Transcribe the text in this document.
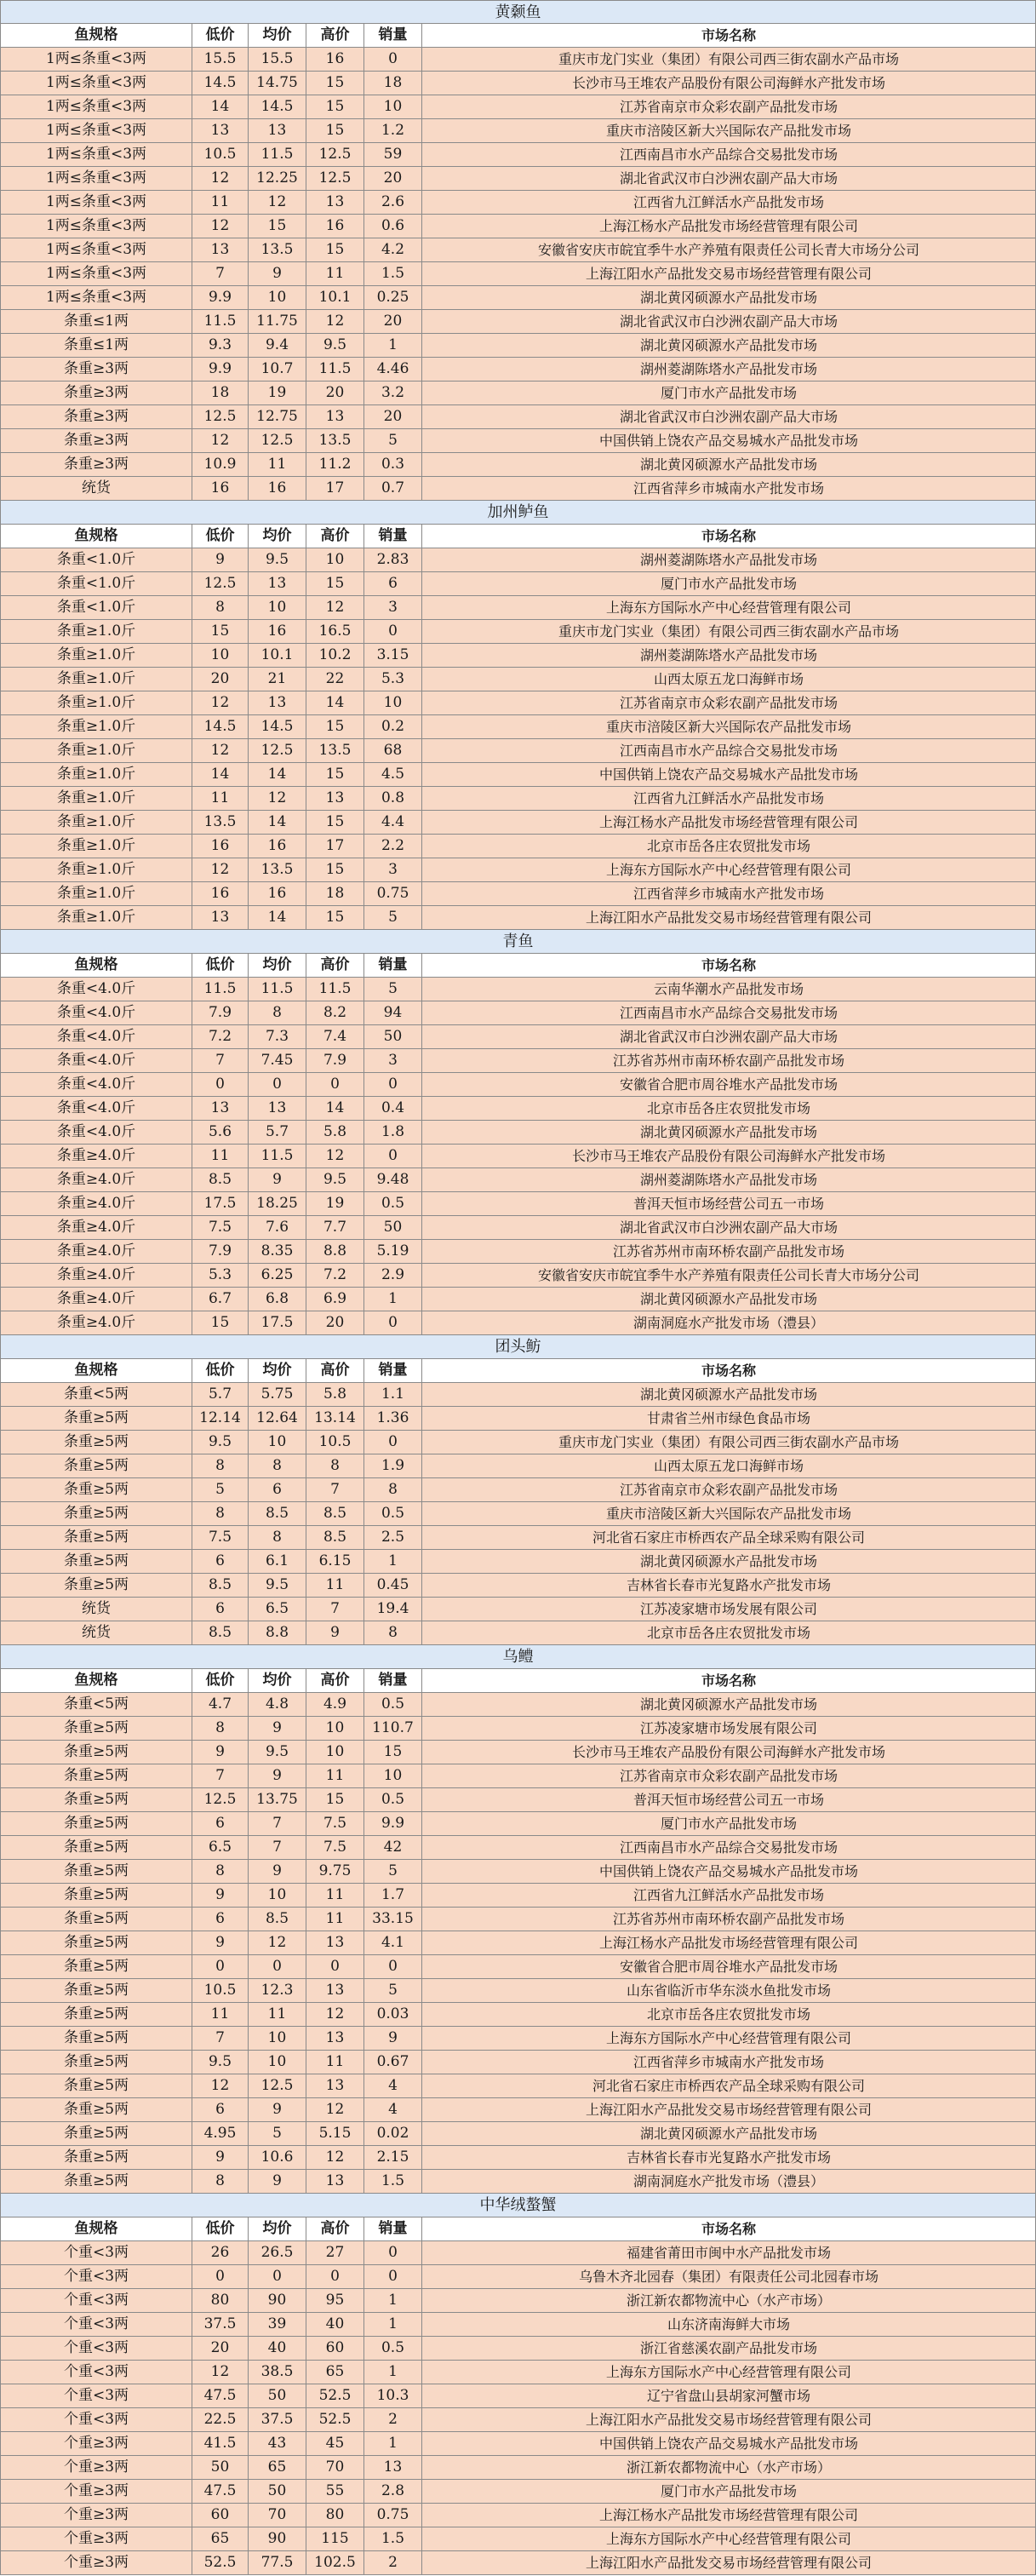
黄颡鱼
鱼规格	低价	均价	高价	销量	市场名称
1两≤条重<3两	15.5	15.5	16	0	重庆市龙门实业（集团）有限公司西三街农副水产品市场
1两≤条重<3两	14.5	14.75	15	18	长沙市马王堆农产品股份有限公司海鲜水产批发市场
1两≤条重<3两	14	14.5	15	10	江苏省南京市众彩农副产品批发市场
1两≤条重<3两	13	13	15	1.2	重庆市涪陵区新大兴国际农产品批发市场
1两≤条重<3两	10.5	11.5	12.5	59	江西南昌市水产品综合交易批发市场
1两≤条重<3两	12	12.25	12.5	20	湖北省武汉市白沙洲农副产品大市场
1两≤条重<3两	11	12	13	2.6	江西省九江鲜活水产品批发市场
1两≤条重<3两	12	15	16	0.6	上海江杨水产品批发市场经营管理有限公司
1两≤条重<3两	13	13.5	15	4.2	安徽省安庆市皖宜季牛水产养殖有限责任公司长青大市场分公司
1两≤条重<3两	7	9	11	1.5	上海江阳水产品批发交易市场经营管理有限公司
1两≤条重<3两	9.9	10	10.1	0.25	湖北黄冈硕源水产品批发市场
条重≤1两	11.5	11.75	12	20	湖北省武汉市白沙洲农副产品大市场
条重≤1两	9.3	9.4	9.5	1	湖北黄冈硕源水产品批发市场
条重≥3两	9.9	10.7	11.5	4.46	湖州菱湖陈塔水产品批发市场
条重≥3两	18	19	20	3.2	厦门市水产品批发市场
条重≥3两	12.5	12.75	13	20	湖北省武汉市白沙洲农副产品大市场
条重≥3两	12	12.5	13.5	5	中国供销上饶农产品交易城水产品批发市场
条重≥3两	10.9	11	11.2	0.3	湖北黄冈硕源水产品批发市场
统货	16	16	17	0.7	江西省萍乡市城南水产批发市场
加州鲈鱼
鱼规格	低价	均价	高价	销量	市场名称
条重<1.0斤	9	9.5	10	2.83	湖州菱湖陈塔水产品批发市场
条重<1.0斤	12.5	13	15	6	厦门市水产品批发市场
条重<1.0斤	8	10	12	3	上海东方国际水产中心经营管理有限公司
条重≥1.0斤	15	16	16.5	0	重庆市龙门实业（集团）有限公司西三街农副水产品市场
条重≥1.0斤	10	10.1	10.2	3.15	湖州菱湖陈塔水产品批发市场
条重≥1.0斤	20	21	22	5.3	山西太原五龙口海鲜市场
条重≥1.0斤	12	13	14	10	江苏省南京市众彩农副产品批发市场
条重≥1.0斤	14.5	14.5	15	0.2	重庆市涪陵区新大兴国际农产品批发市场
条重≥1.0斤	12	12.5	13.5	68	江西南昌市水产品综合交易批发市场
条重≥1.0斤	14	14	15	4.5	中国供销上饶农产品交易城水产品批发市场
条重≥1.0斤	11	12	13	0.8	江西省九江鲜活水产品批发市场
条重≥1.0斤	13.5	14	15	4.4	上海江杨水产品批发市场经营管理有限公司
条重≥1.0斤	16	16	17	2.2	北京市岳各庄农贸批发市场
条重≥1.0斤	12	13.5	15	3	上海东方国际水产中心经营管理有限公司
条重≥1.0斤	16	16	18	0.75	江西省萍乡市城南水产批发市场
条重≥1.0斤	13	14	15	5	上海江阳水产品批发交易市场经营管理有限公司
青鱼
鱼规格	低价	均价	高价	销量	市场名称
条重<4.0斤	11.5	11.5	11.5	5	云南华潮水产品批发市场
条重<4.0斤	7.9	8	8.2	94	江西南昌市水产品综合交易批发市场
条重<4.0斤	7.2	7.3	7.4	50	湖北省武汉市白沙洲农副产品大市场
条重<4.0斤	7	7.45	7.9	3	江苏省苏州市南环桥农副产品批发市场
条重<4.0斤	0	0	0	0	安徽省合肥市周谷堆水产品批发市场
条重<4.0斤	13	13	14	0.4	北京市岳各庄农贸批发市场
条重<4.0斤	5.6	5.7	5.8	1.8	湖北黄冈硕源水产品批发市场
条重≥4.0斤	11	11.5	12	0	长沙市马王堆农产品股份有限公司海鲜水产批发市场
条重≥4.0斤	8.5	9	9.5	9.48	湖州菱湖陈塔水产品批发市场
条重≥4.0斤	17.5	18.25	19	0.5	普洱天恒市场经营公司五一市场
条重≥4.0斤	7.5	7.6	7.7	50	湖北省武汉市白沙洲农副产品大市场
条重≥4.0斤	7.9	8.35	8.8	5.19	江苏省苏州市南环桥农副产品批发市场
条重≥4.0斤	5.3	6.25	7.2	2.9	安徽省安庆市皖宜季牛水产养殖有限责任公司长青大市场分公司
条重≥4.0斤	6.7	6.8	6.9	1	湖北黄冈硕源水产品批发市场
条重≥4.0斤	15	17.5	20	0	湖南洞庭水产批发市场（澧县）
团头鲂
鱼规格	低价	均价	高价	销量	市场名称
条重<5两	5.7	5.75	5.8	1.1	湖北黄冈硕源水产品批发市场
条重≥5两	12.14	12.64	13.14	1.36	甘肃省兰州市绿色食品市场
条重≥5两	9.5	10	10.5	0	重庆市龙门实业（集团）有限公司西三街农副水产品市场
条重≥5两	8	8	8	1.9	山西太原五龙口海鲜市场
条重≥5两	5	6	7	8	江苏省南京市众彩农副产品批发市场
条重≥5两	8	8.5	8.5	0.5	重庆市涪陵区新大兴国际农产品批发市场
条重≥5两	7.5	8	8.5	2.5	河北省石家庄市桥西农产品全球采购有限公司
条重≥5两	6	6.1	6.15	1	湖北黄冈硕源水产品批发市场
条重≥5两	8.5	9.5	11	0.45	吉林省长春市光复路水产批发市场
统货	6	6.5	7	19.4	江苏凌家塘市场发展有限公司
统货	8.5	8.8	9	8	北京市岳各庄农贸批发市场
乌鳢
鱼规格	低价	均价	高价	销量	市场名称
条重<5两	4.7	4.8	4.9	0.5	湖北黄冈硕源水产品批发市场
条重≥5两	8	9	10	110.7	江苏凌家塘市场发展有限公司
条重≥5两	9	9.5	10	15	长沙市马王堆农产品股份有限公司海鲜水产批发市场
条重≥5两	7	9	11	10	江苏省南京市众彩农副产品批发市场
条重≥5两	12.5	13.75	15	0.5	普洱天恒市场经营公司五一市场
条重≥5两	6	7	7.5	9.9	厦门市水产品批发市场
条重≥5两	6.5	7	7.5	42	江西南昌市水产品综合交易批发市场
条重≥5两	8	9	9.75	5	中国供销上饶农产品交易城水产品批发市场
条重≥5两	9	10	11	1.7	江西省九江鲜活水产品批发市场
条重≥5两	6	8.5	11	33.15	江苏省苏州市南环桥农副产品批发市场
条重≥5两	9	12	13	4.1	上海江杨水产品批发市场经营管理有限公司
条重≥5两	0	0	0	0	安徽省合肥市周谷堆水产品批发市场
条重≥5两	10.5	12.3	13	5	山东省临沂市华东淡水鱼批发市场
条重≥5两	11	11	12	0.03	北京市岳各庄农贸批发市场
条重≥5两	7	10	13	9	上海东方国际水产中心经营管理有限公司
条重≥5两	9.5	10	11	0.67	江西省萍乡市城南水产批发市场
条重≥5两	12	12.5	13	4	河北省石家庄市桥西农产品全球采购有限公司
条重≥5两	6	9	12	4	上海江阳水产品批发交易市场经营管理有限公司
条重≥5两	4.95	5	5.15	0.02	湖北黄冈硕源水产品批发市场
条重≥5两	9	10.6	12	2.15	吉林省长春市光复路水产批发市场
条重≥5两	8	9	13	1.5	湖南洞庭水产批发市场（澧县）
中华绒螯蟹
鱼规格	低价	均价	高价	销量	市场名称
个重<3两	26	26.5	27	0	福建省莆田市闽中水产品批发市场
个重<3两	0	0	0	0	乌鲁木齐北园春（集团）有限责任公司北园春市场
个重<3两	80	90	95	1	浙江新农都物流中心（水产市场）
个重<3两	37.5	39	40	1	山东济南海鲜大市场
个重<3两	20	40	60	0.5	浙江省慈溪农副产品批发市场
个重<3两	12	38.5	65	1	上海东方国际水产中心经营管理有限公司
个重<3两	47.5	50	52.5	10.3	辽宁省盘山县胡家河蟹市场
个重<3两	22.5	37.5	52.5	2	上海江阳水产品批发交易市场经营管理有限公司
个重≥3两	41.5	43	45	1	中国供销上饶农产品交易城水产品批发市场
个重≥3两	50	65	70	13	浙江新农都物流中心（水产市场）
个重≥3两	47.5	50	55	2.8	厦门市水产品批发市场
个重≥3两	60	70	80	0.75	上海江杨水产品批发市场经营管理有限公司
个重≥3两	65	90	115	1.5	上海东方国际水产中心经营管理有限公司
个重≥3两	52.5	77.5	102.5	2	上海江阳水产品批发交易市场经营管理有限公司
